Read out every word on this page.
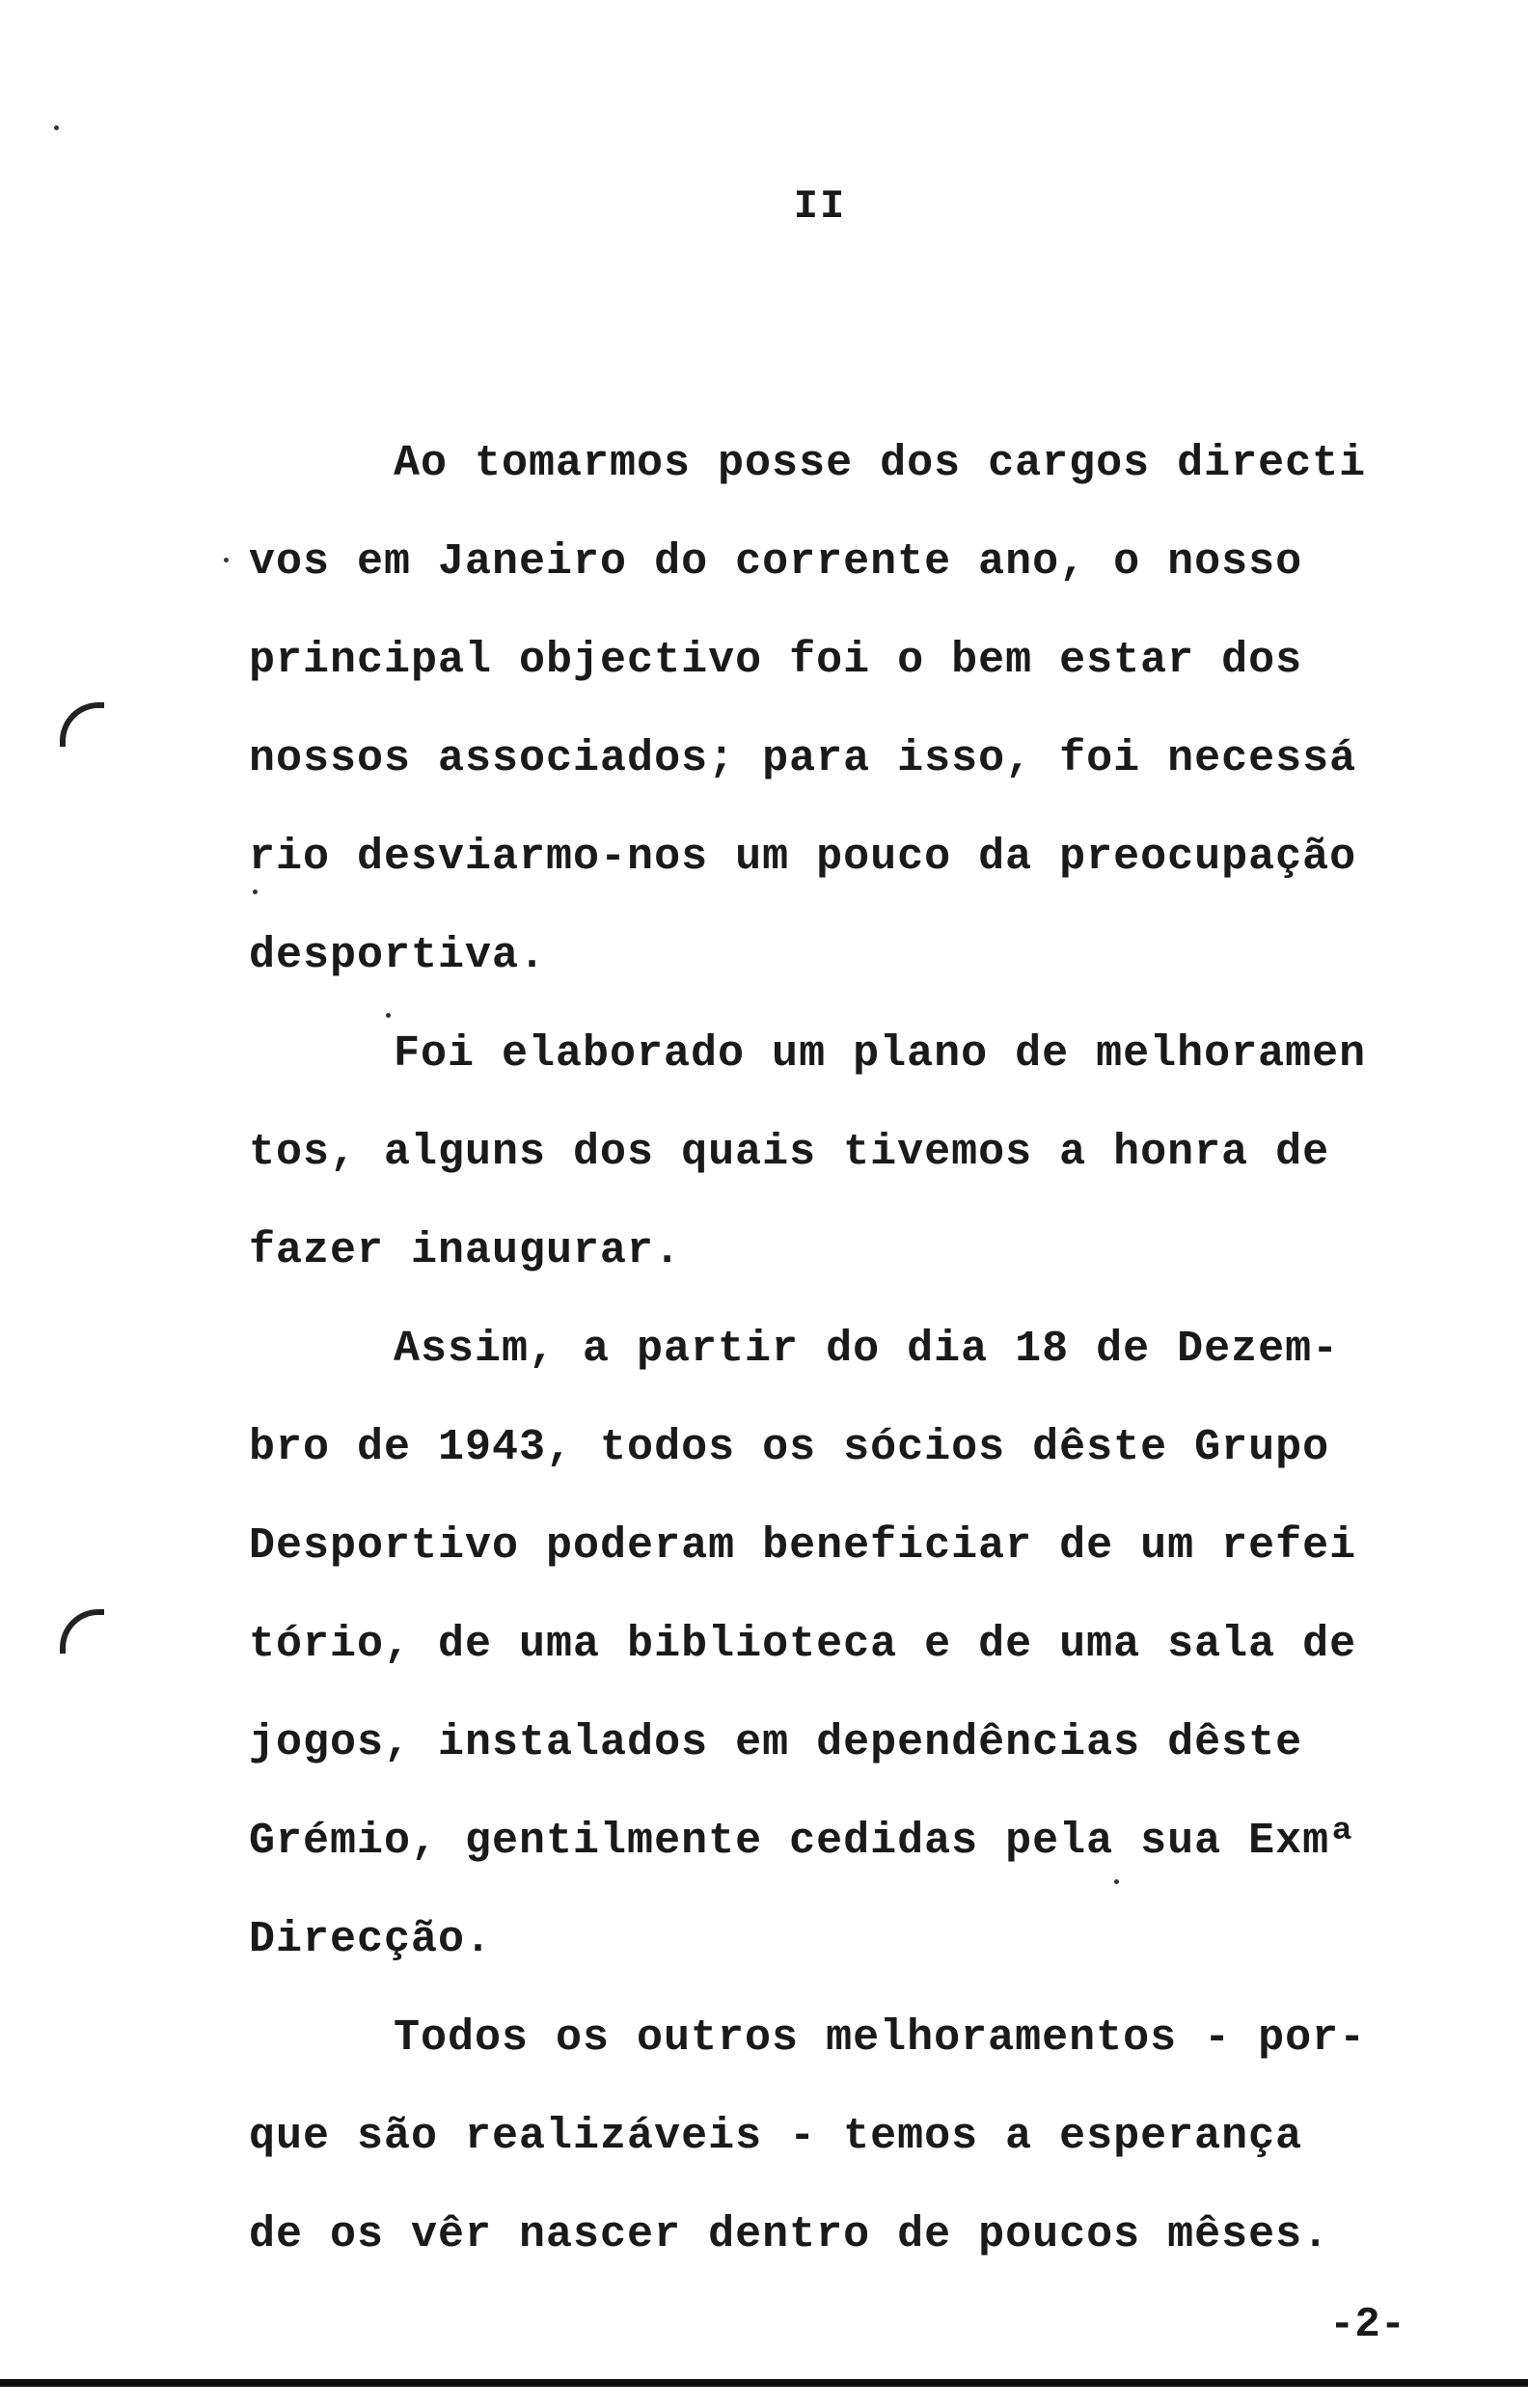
II
Ao tomarmos posse dos cargos directi
vos em Janeiro do corrente ano, o nosso
principal objectivo foi o bem estar dos
nossos associados; para isso, foi necessá
rio desviarmo-nos um pouco da preocupação
desportiva.
Foi elaborado um plano de melhoramen
tos, alguns dos quais tivemos a honra de
fazer inaugurar.
Assim, a partir do dia 18 de Dezem-
bro de 1943, todos os sócios dêste Grupo
Desportivo poderam beneficiar de um refei
tório, de uma biblioteca e de uma sala de
jogos, instalados em dependências dêste
Grémio, gentilmente cedidas pela sua Exmª
Direcção.
Todos os outros melhoramentos - por-
que são realizáveis - temos a esperança
de os vêr nascer dentro de poucos mêses.
-2-
